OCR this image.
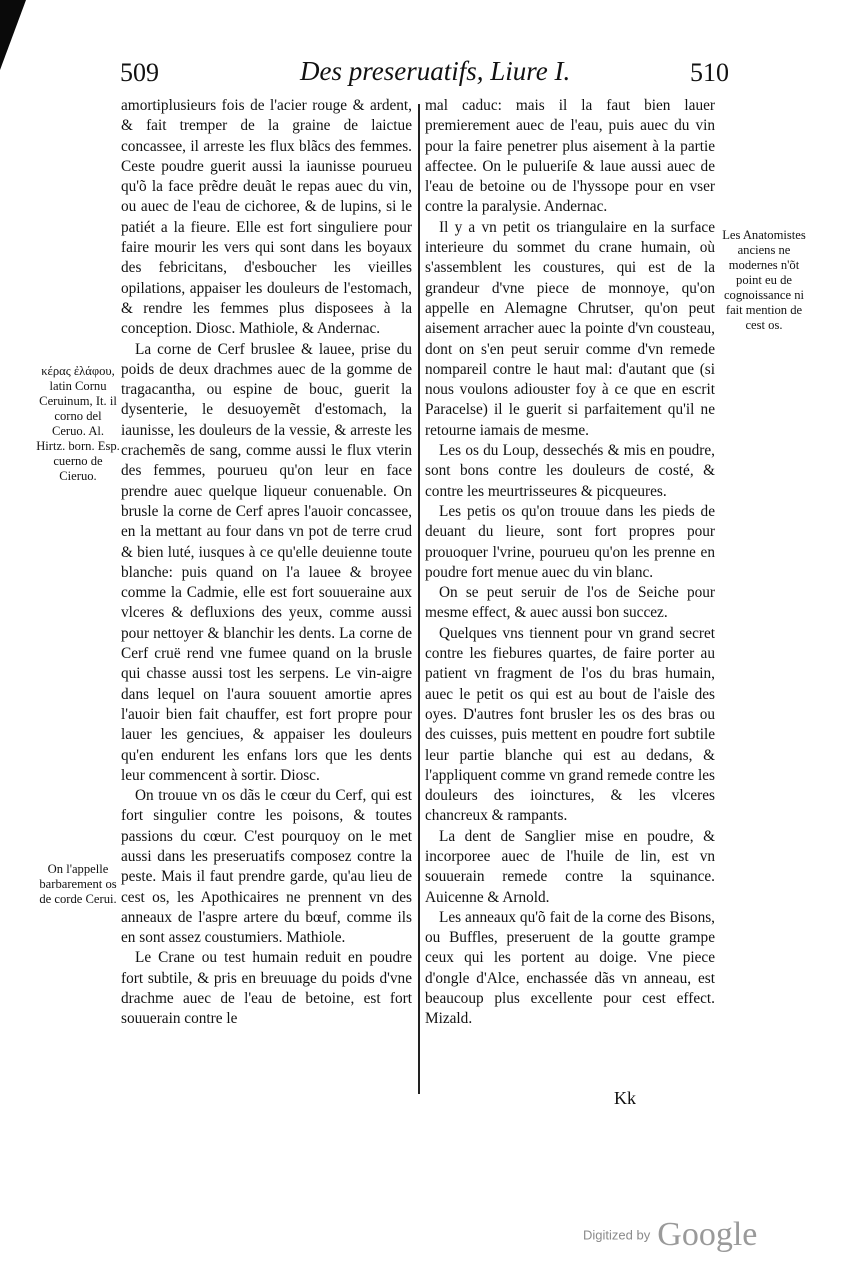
509	Des preseruatifs, Liure I.	510
κέρας ἐλάφου, latin Cornu Ceruinum, It. il corno del Ceruo. Al. Hirtz. born. Esp. cuerno de Cieruo.
On l'appelle barbarement os de corde Cerui.
Les Anatomistes anciens ne modernes n'õt point eu de cognoissance ni fait mention de cest os.

amortiplusieurs fois de l'acier rouge & ardent, & fait tremper de la graine de laictue concassee, il arreste les flux blãcs des femmes. Ceste poudre guerit aussi la iaunisse pourueu qu'õ la face prẽdre deuãt le repas auec du vin, ou auec de l'eau de cichoree, & de lupins, si le patiét a la fieure. Elle est fort singuliere pour faire mourir les vers qui sont dans les boyaux des febricitans, d'esboucher les vieilles opilations, appaiser les douleurs de l'estomach, & rendre les femmes plus disposees à la conception. Diosc. Mathiole, & Andernac.

La corne de Cerf bruslee & lauee, prise du poids de deux drachmes auec de la gomme de tragacantha, ou espine de bouc, guerit la dysenterie, le desuoyemẽt d'estomach, la iaunisse, les douleurs de la vessie, & arreste les crachemẽs de sang, comme aussi le flux vterin des femmes, pourueu qu'on leur en face prendre auec quelque liqueur conuenable. On brusle la corne de Cerf apres l'auoir concassee, en la mettant au four dans vn pot de terre crud & bien luté, iusques à ce qu'elle deuienne toute blanche: puis quand on l'a lauee & broyee comme la Cadmie, elle est fort souueraine aux vlceres & defluxions des yeux, comme aussi pour nettoyer & blanchir les dents. La corne de Cerf cruë rend vne fumee quand on la brusle qui chasse aussi tost les serpens. Le vin-aigre dans lequel on l'aura souuent amortie apres l'auoir bien fait chauffer, est fort propre pour lauer les genciues, & appaiser les douleurs qu'en endurent les enfans lors que les dents leur commencent à sortir. Diosc.

On trouue vn os dãs le cœur du Cerf, qui est fort singulier contre les poisons, & toutes passions du cœur. C'est pourquoy on le met aussi dans les preseruatifs composez contre la peste. Mais il faut prendre garde, qu'au lieu de cest os, les Apothicaires ne prennent vn des anneaux de l'aspre artere du bœuf, comme ils en sont assez coustumiers. Mathiole.

Le Crane ou test humain reduit en poudre fort subtile, & pris en breuuage du poids d'vne drachme auec de l'eau de betoine, est fort souuerain contre le

mal caduc: mais il la faut bien lauer premierement auec de l'eau, puis auec du vin pour la faire penetrer plus aisement à la partie affectee. On le pulueriſe & laue aussi auec de l'eau de betoine ou de l'hyssope pour en vser contre la paralysie. Andernac.

Il y a vn petit os triangulaire en la surface interieure du sommet du crane humain, où s'assemblent les coustures, qui est de la grandeur d'vne piece de monnoye, qu'on appelle en Alemagne Chrutser, qu'on peut aisement arracher auec la pointe d'vn cousteau, dont on s'en peut seruir comme d'vn remede nompareil contre le haut mal: d'autant que (si nous voulons adiouster foy à ce que en escrit Paracelse) il le guerit si parfaitement qu'il ne retourne iamais de mesme.

Les os du Loup, dessechés & mis en poudre, sont bons contre les douleurs de costé, & contre les meurtrisseures & picqueures.

Les petis os qu'on trouue dans les pieds de deuant du lieure, sont fort propres pour prouoquer l'vrine, pourueu qu'on les prenne en poudre fort menue auec du vin blanc.

On se peut seruir de l'os de Seiche pour mesme effect, & auec aussi bon succez.

Quelques vns tiennent pour vn grand secret contre les fiebures quartes, de faire porter au patient vn fragment de l'os du bras humain, auec le petit os qui est au bout de l'aisle des oyes. D'autres font brusler les os des bras ou des cuisses, puis mettent en poudre fort subtile leur partie blanche qui est au dedans, & l'appliquent comme vn grand remede contre les douleurs des ioinctures, & les vlceres chancreux & rampants.

La dent de Sanglier mise en poudre, & incorporee auec de l'huile de lin, est vn souuerain remede contre la squinance. Auicenne & Arnold.

Les anneaux qu'õ fait de la corne des Bisons, ou Buffles, preseruent de la goutte grampe ceux qui les portent au doige. Vne piece d'ongle d'Alce, enchassée dãs vn anneau, est beaucoup plus excellente pour cest effect. Mizald.

Kk
Digitized by Google
